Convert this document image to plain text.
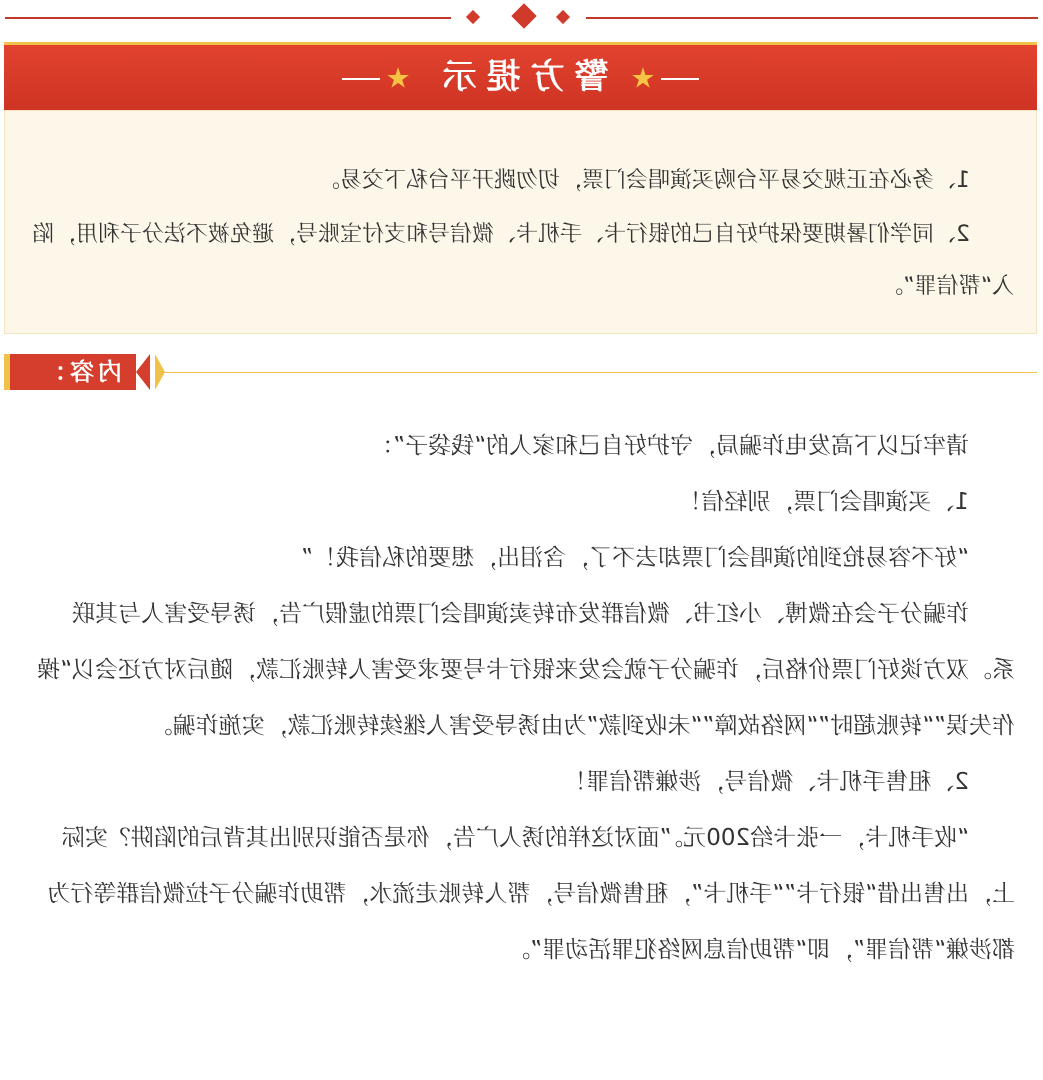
★ 警方提示 ★
1、务必在正规交易平台购买演唱会门票，切勿跳开平台私下交易。
2、同学们暑期要保护好自己的银行卡、手机卡、微信号和支付宝账号，避免被不法分子利用，陷入“帮信罪”。
内容：

请牢记以下高发电诈骗局，守护好自己和家人的“钱袋子”：

1、买演唱会门票，别轻信！

“好不容易抢到的演唱会门票却去不了，含泪出，想要的私信我！”

诈骗分子会在微博、小红书、微信群发布转卖演唱会门票的虚假广告，诱导受害人与其联系。双方谈好门票价格后，诈骗分子就会发来银行卡号要求受害人转账汇款，随后对方还会以“操作失误”“转账超时”“网络故障”“未收到款”为由诱导受害人继续转账汇款，实施诈骗。

2、租售手机卡、微信号，涉嫌帮信罪！

“收手机卡，一张卡给200元。”面对这样的诱人广告，你是否能识别出其背后的陷阱？实际上，出售出借“银行卡”“手机卡”，租售微信号，帮人转账走流水，帮助诈骗分子拉微信群等行为都涉嫌“帮信罪”，即“帮助信息网络犯罪活动罪”。
